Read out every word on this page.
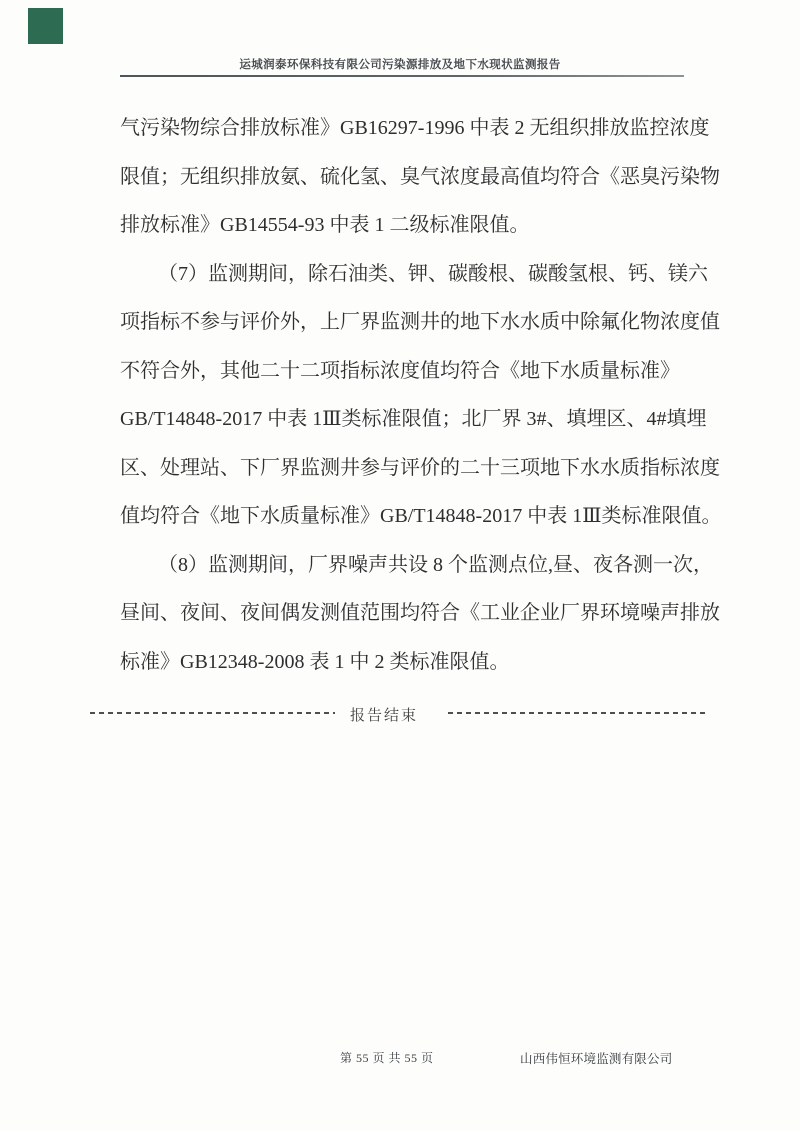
运城润泰环保科技有限公司污染源排放及地下水现状监测报告
气污染物综合排放标准》GB16297-1996 中表 2 无组织排放监控浓度
限值；无组织排放氨、硫化氢、臭气浓度最高值均符合《恶臭污染物
排放标准》GB14554-93 中表 1 二级标准限值。
（7）监测期间，除石油类、钾、碳酸根、碳酸氢根、钙、镁六
项指标不参与评价外，上厂界监测井的地下水水质中除氟化物浓度值
不符合外，其他二十二项指标浓度值均符合《地下水质量标准》
GB/T14848-2017 中表 1Ⅲ类标准限值；北厂界 3#、填埋区、4#填埋
区、处理站、下厂界监测井参与评价的二十三项地下水水质指标浓度
值均符合《地下水质量标准》GB/T14848-2017 中表 1Ⅲ类标准限值。
（8）监测期间，厂界噪声共设 8 个监测点位,昼、夜各测一次，
昼间、夜间、夜间偶发测值范围均符合《工业企业厂界环境噪声排放
标准》GB12348-2008 表 1 中 2 类标准限值。
报告结束
第 55 页 共 55 页	山西伟恒环境监测有限公司
